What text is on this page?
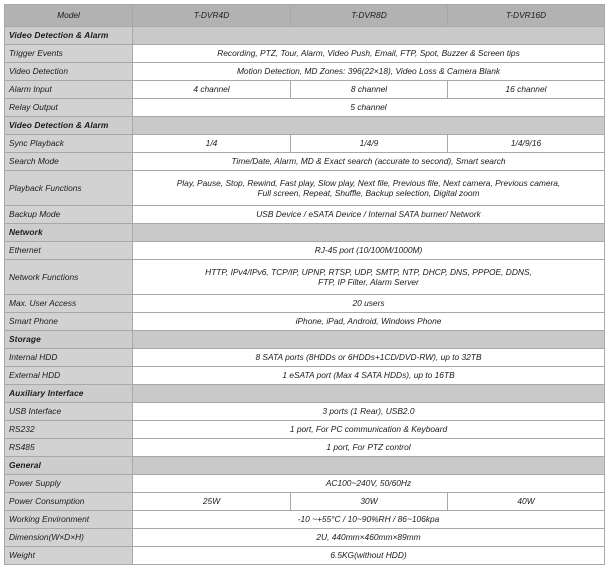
Model	T-DVR4D	T-DVR8D	T-DVR16D
Video Detection & Alarm			
Trigger Events	Recording, PTZ, Tour, Alarm, Video Push, Email, FTP, Spot, Buzzer & Screen tips		
Video Detection	Motion Detection, MD Zones: 396(22×18), Video Loss & Camera Blank		
Alarm Input	4 channel	8 channel	16 channel
Relay Output	5 channel		
Video Detection & Alarm			
Sync Playback	1/4	1/4/9	1/4/9/16
Search Mode	Time/Date, Alarm, MD & Exact search (accurate to second), Smart search		
Playback Functions	Play, Pause, Stop, Rewind, Fast play, Slow play, Next file, Previous file, Next camera, Previous camera,
Full screen, Repeat, Shuffle, Backup selection, Digital zoom		

Backup Mode	USB Device / eSATA Device / Internal SATA burner/ Network		
Network			
Ethernet	RJ-45 port (10/100M/1000M)		
Network Functions	HTTP, IPv4/IPv6, TCP/IP, UPNP, RTSP, UDP, SMTP, NTP, DHCP, DNS, PPPOE, DDNS,
FTP, IP Filter, Alarm Server		

Max. User Access	20 users		
Smart Phone	iPhone, iPad, Android, Windows Phone		
Storage			
Internal HDD	8 SATA ports (8HDDs or 6HDDs+1CD/DVD-RW), up to 32TB		
External HDD	1 eSATA port (Max 4 SATA HDDs), up to 16TB		
Auxiliary Interface			
USB Interface	3 ports (1 Rear), USB2.0		
RS232	1 port, For PC communication & Keyboard		
RS485	1 port, For PTZ control		
General			
Power Supply	AC100~240V, 50/60Hz		
Power Consumption	25W	30W	40W
Working Environment	-10 ~+55°C / 10~90%RH / 86~106kpa		
Dimension(W×D×H)	2U, 440mm×460mm×89mm		
Weight	6.5KG(without HDD)		
